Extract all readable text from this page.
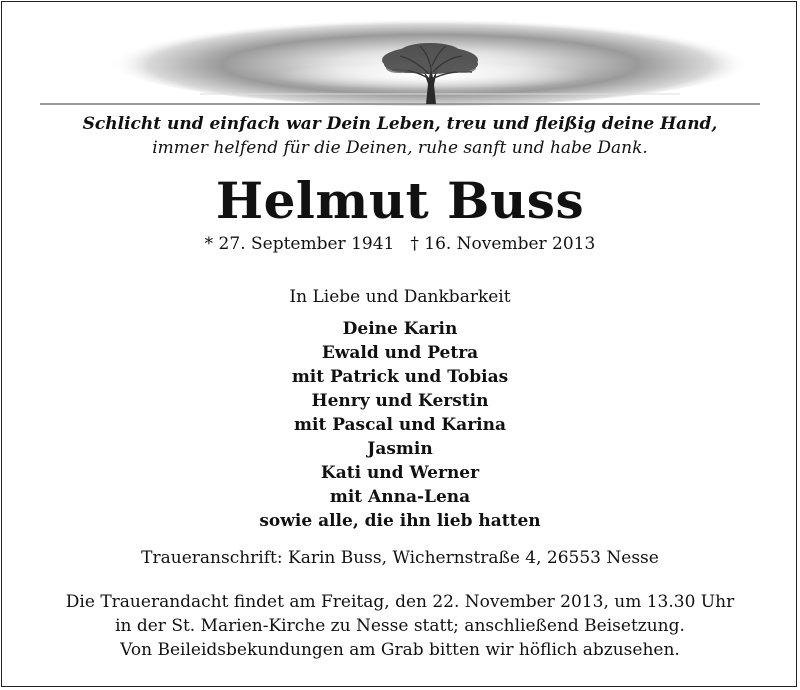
Schlicht und einfach war Dein Leben, treu und fleißig deine Hand,
immer helfend für die Deinen, ruhe sanft und habe Dank.
Helmut Buss
* 27. September 1941 † 16. November 2013
In Liebe und Dankbarkeit
Deine Karin
Ewald und Petra
mit Patrick und Tobias
Henry und Kerstin
mit Pascal und Karina
Jasmin
Kati und Werner
mit Anna-Lena
sowie alle, die ihn lieb hatten
Traueranschrift: Karin Buss, Wichernstraße 4, 26553 Nesse
Die Trauerandacht findet am Freitag, den 22. November 2013, um 13.30 Uhr
in der St. Marien-Kirche zu Nesse statt; anschließend Beisetzung.
Von Beileidsbekundungen am Grab bitten wir höflich abzusehen.
